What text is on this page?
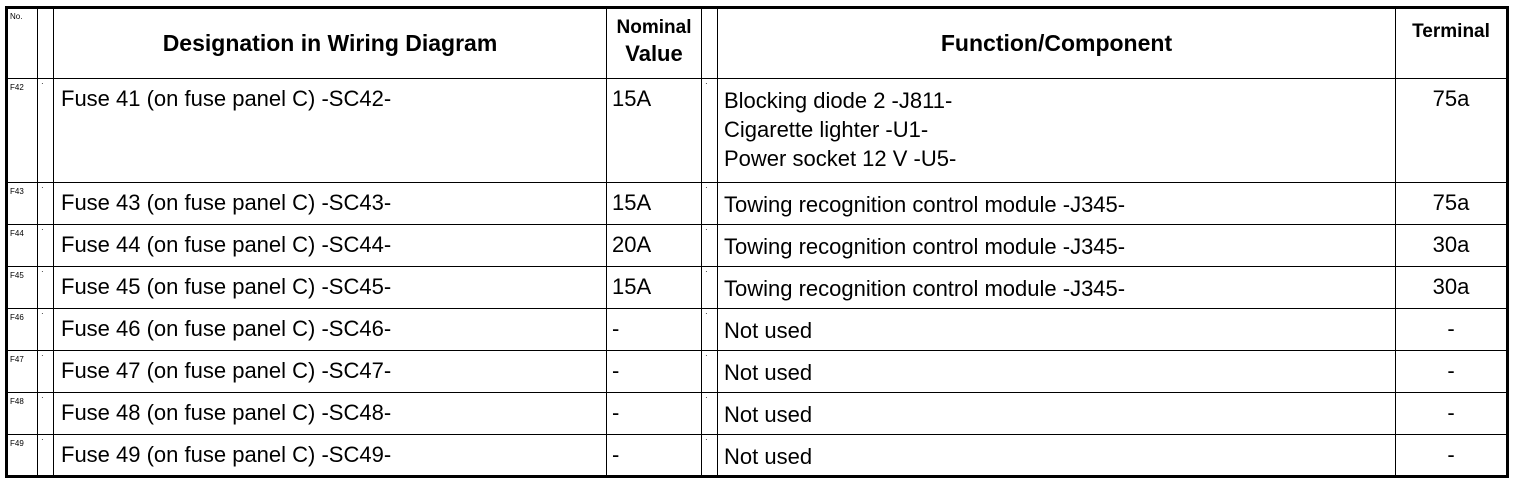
No.		Designation in Wiring Diagram	Nominal
Value		Function/Component	Terminal
F42	·	Fuse 41 (on fuse panel C) -SC42-	15A	·	Blocking diode 2 -J811-
Cigarette lighter -U1-
Power socket 12 V -U5-	75a
F43	·	Fuse 43 (on fuse panel C) -SC43-	15A	·	Towing recognition control module -J345-	75a
F44	·	Fuse 44 (on fuse panel C) -SC44-	20A	·	Towing recognition control module -J345-	30a
F45	·	Fuse 45 (on fuse panel C) -SC45-	15A	·	Towing recognition control module -J345-	30a
F46	·	Fuse 46 (on fuse panel C) -SC46-	-	·	Not used	-
F47	·	Fuse 47 (on fuse panel C) -SC47-	-	·	Not used	-
F48	·	Fuse 48 (on fuse panel C) -SC48-	-	·	Not used	-
F49	·	Fuse 49 (on fuse panel C) -SC49-	-	·	Not used	-
